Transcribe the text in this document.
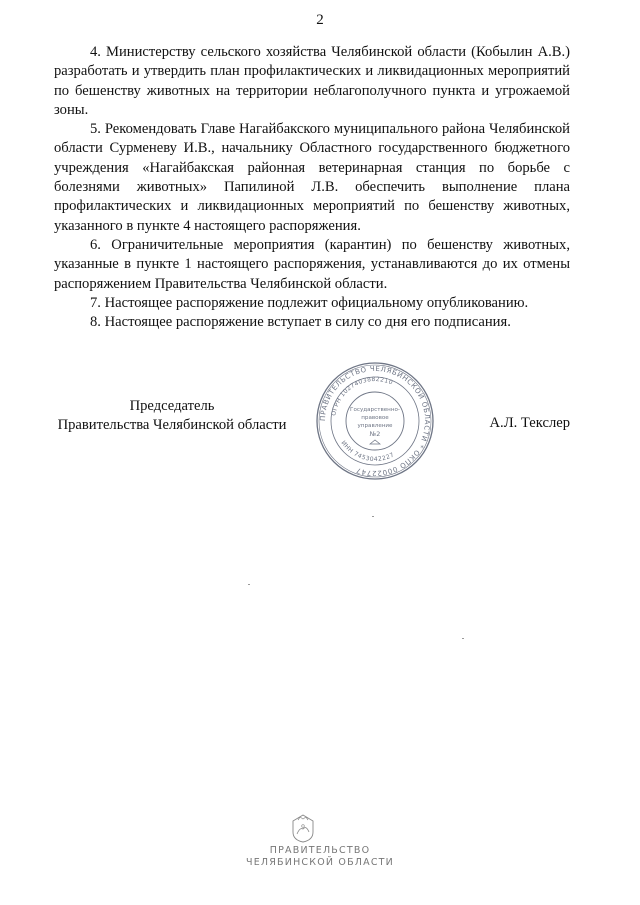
2

4. Министерству сельского хозяйства Челябинской области (Кобылин А.В.) разработать и утвердить план профилактических и ликвидационных мероприятий по бешенству животных на территории неблагополучного пункта и угрожаемой зоны.

5. Рекомендовать Главе Нагайбакского муниципального района Челябинской области Сурменеву И.В., начальнику Областного государственного бюджетного учреждения «Нагайбакская районная ветеринарная станция по борьбе с болезнями животных» Папилиной Л.В. обеспечить выполнение плана профилактических и ликвидационных мероприятий по бешенству животных, указанного в пункте 4 настоящего распоряжения.

6. Ограничительные мероприятия (карантин) по бешенству животных, указанные в пункте 1 настоящего распоряжения, устанавливаются до их отмены распоряжением Правительства Челябинской области.

7. Настоящее распоряжение подлежит официальному опубликованию.

8. Настоящее распоряжение вступает в силу со дня его подписания.

Председатель
Правительства Челябинской области	ПРАВИТЕЛЬСТВО ЧЕЛЯБИНСКОЙ ОБЛАСТИ * ОКПО 00022747
ОГРН 1027403882210
ИНН 7453042227
Государственно-
правовое
управление
№2
А.Л. Текслер
ПРАВИТЕЛЬСТВО
ЧЕЛЯБИНСКОЙ ОБЛАСТИ
